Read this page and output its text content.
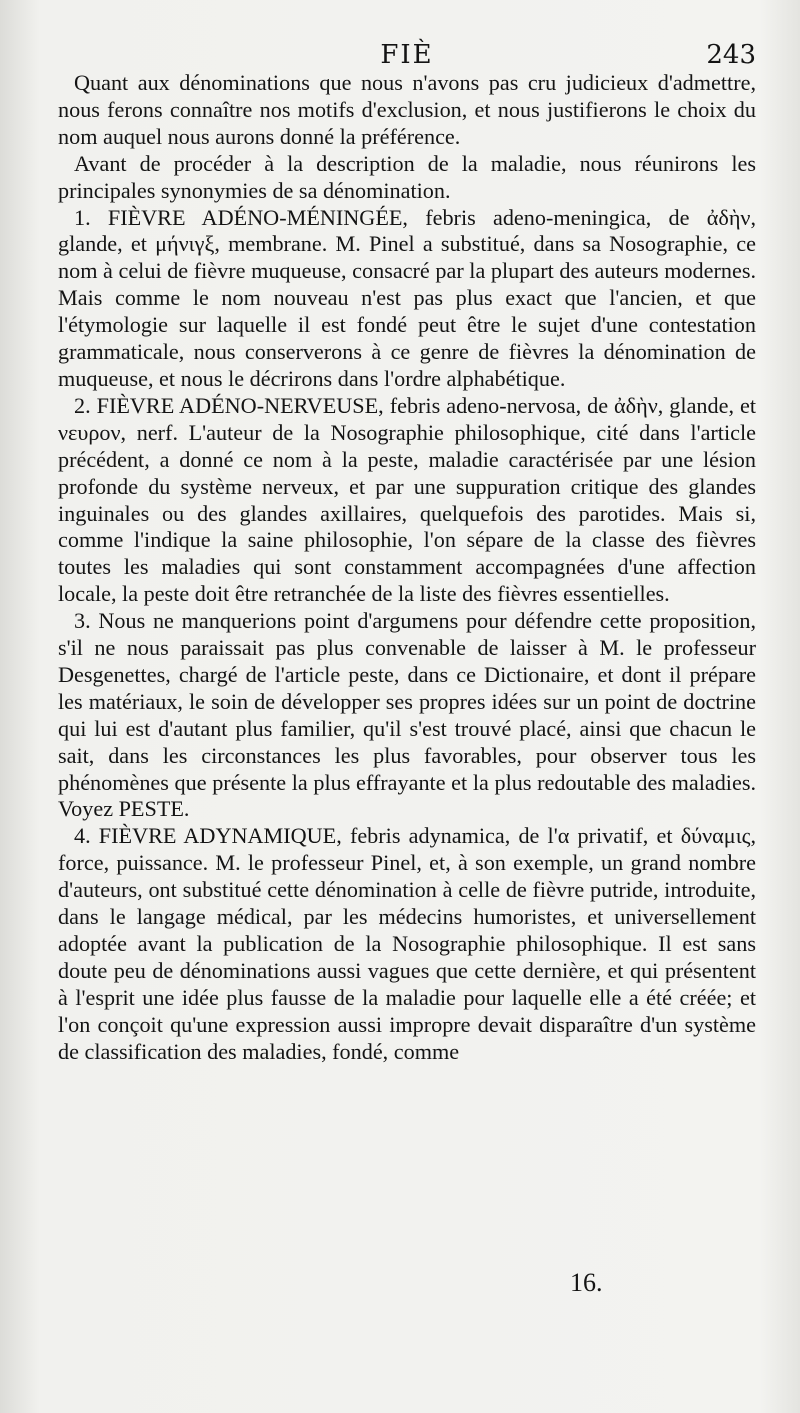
FIÈ	243

Quant aux dénominations que nous n'avons pas cru judicieux d'admettre, nous ferons connaître nos motifs d'exclusion, et nous justifierons le choix du nom auquel nous aurons donné la préférence.

Avant de procéder à la description de la maladie, nous réunirons les principales synonymies de sa dénomination.

1. FIÈVRE ADÉNO-MÉNINGÉE, febris adeno-meningica, de ἀδὴν, glande, et μήνιγξ, membrane. M. Pinel a substitué, dans sa Nosographie, ce nom à celui de fièvre muqueuse, consacré par la plupart des auteurs modernes. Mais comme le nom nouveau n'est pas plus exact que l'ancien, et que l'étymologie sur laquelle il est fondé peut être le sujet d'une contestation grammaticale, nous conserverons à ce genre de fièvres la dénomination de muqueuse, et nous le décrirons dans l'ordre alphabétique.

2. FIÈVRE ADÉNO-NERVEUSE, febris adeno-nervosa, de ἀδὴν, glande, et νευρον, nerf. L'auteur de la Nosographie philosophique, cité dans l'article précédent, a donné ce nom à la peste, maladie caractérisée par une lésion profonde du système nerveux, et par une suppuration critique des glandes inguinales ou des glandes axillaires, quelquefois des parotides. Mais si, comme l'indique la saine philosophie, l'on sépare de la classe des fièvres toutes les maladies qui sont constamment accompagnées d'une affection locale, la peste doit être retranchée de la liste des fièvres essentielles.

3. Nous ne manquerions point d'argumens pour défendre cette proposition, s'il ne nous paraissait pas plus convenable de laisser à M. le professeur Desgenettes, chargé de l'article peste, dans ce Dictionaire, et dont il prépare les matériaux, le soin de développer ses propres idées sur un point de doctrine qui lui est d'autant plus familier, qu'il s'est trouvé placé, ainsi que chacun le sait, dans les circonstances les plus favorables, pour observer tous les phénomènes que présente la plus effrayante et la plus redoutable des maladies. Voyez PESTE.

4. FIÈVRE ADYNAMIQUE, febris adynamica, de l'α privatif, et δύναμις, force, puissance. M. le professeur Pinel, et, à son exemple, un grand nombre d'auteurs, ont substitué cette dénomination à celle de fièvre putride, introduite, dans le langage médical, par les médecins humoristes, et universellement adoptée avant la publication de la Nosographie philosophique. Il est sans doute peu de dénominations aussi vagues que cette dernière, et qui présentent à l'esprit une idée plus fausse de la maladie pour laquelle elle a été créée; et l'on conçoit qu'une expression aussi impropre devait disparaître d'un système de classification des maladies, fondé, comme

16.
